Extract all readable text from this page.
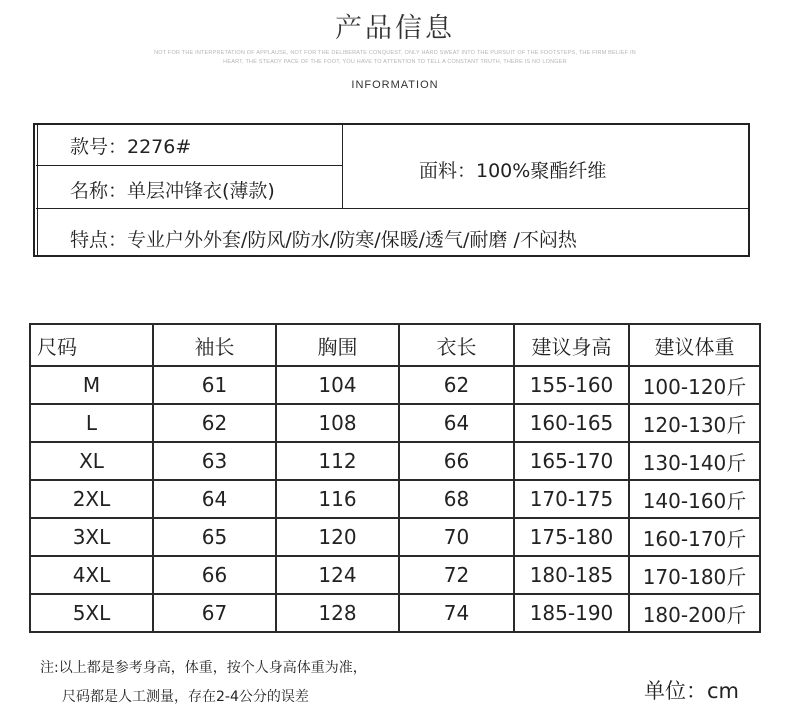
产品信息
NOT FOR THE INTERPRETATION OF APPLAUSE, NOT FOR THE DELIBERATE CONQUEST, ONLY HARD SWEAT INTO THE PURSUIT OF THE FOOTSTEPS, THE FIRM BELIEF IN
HEART, THE STEADY PACE OF THE FOOT, YOU HAVE TO ATTENTION TO TELL A CONSTANT TRUTH, THERE IS NO LONGER
INFORMATION
款号：2276#
名称：单层冲锋衣(薄款)
面料：100%聚酯纤维
特点：专业户外外套/防风/防水/防寒/保暖/透气/耐磨 /不闷热
尺码	袖长	胸围	衣长	建议身高	建议体重
M	61	104	62	155-160	100-120斤
L	62	108	64	160-165	120-130斤
XL	63	112	66	165-170	130-140斤
2XL	64	116	68	170-175	140-160斤
3XL	65	120	70	175-180	160-170斤
4XL	66	124	72	180-185	170-180斤
5XL	67	128	74	185-190	180-200斤
注:以上都是参考身高，体重，按个人身高体重为准，
尺码都是人工测量，存在2-4公分的误差	单位：cm
